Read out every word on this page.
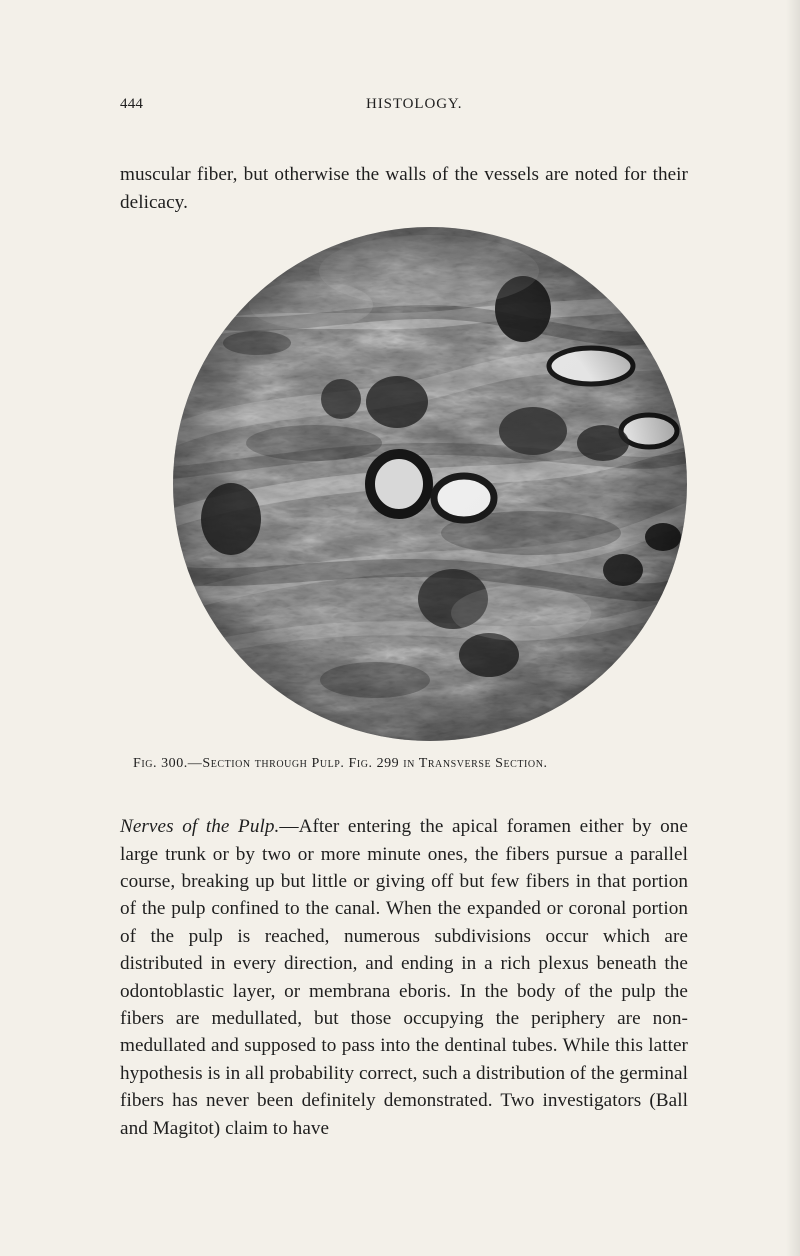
444	HISTOLOGY.

muscular fiber, but otherwise the walls of the vessels are noted for their delicacy.

Fig. 300.—Section through Pulp. Fig. 299 in Transverse Section.

Nerves of the Pulp.—After entering the apical foramen either by one large trunk or by two or more minute ones, the fibers pursue a parallel course, breaking up but little or giving off but few fibers in that portion of the pulp confined to the canal. When the expanded or coronal portion of the pulp is reached, numerous subdivisions occur which are distributed in every direction, and ending in a rich plexus beneath the odontoblastic layer, or membrana eboris. In the body of the pulp the fibers are medullated, but those occupying the periphery are non-medullated and supposed to pass into the dentinal tubes. While this latter hypothesis is in all probability correct, such a distribution of the germinal fibers has never been definitely demonstrated. Two investigators (Ball and Magitot) claim to have
